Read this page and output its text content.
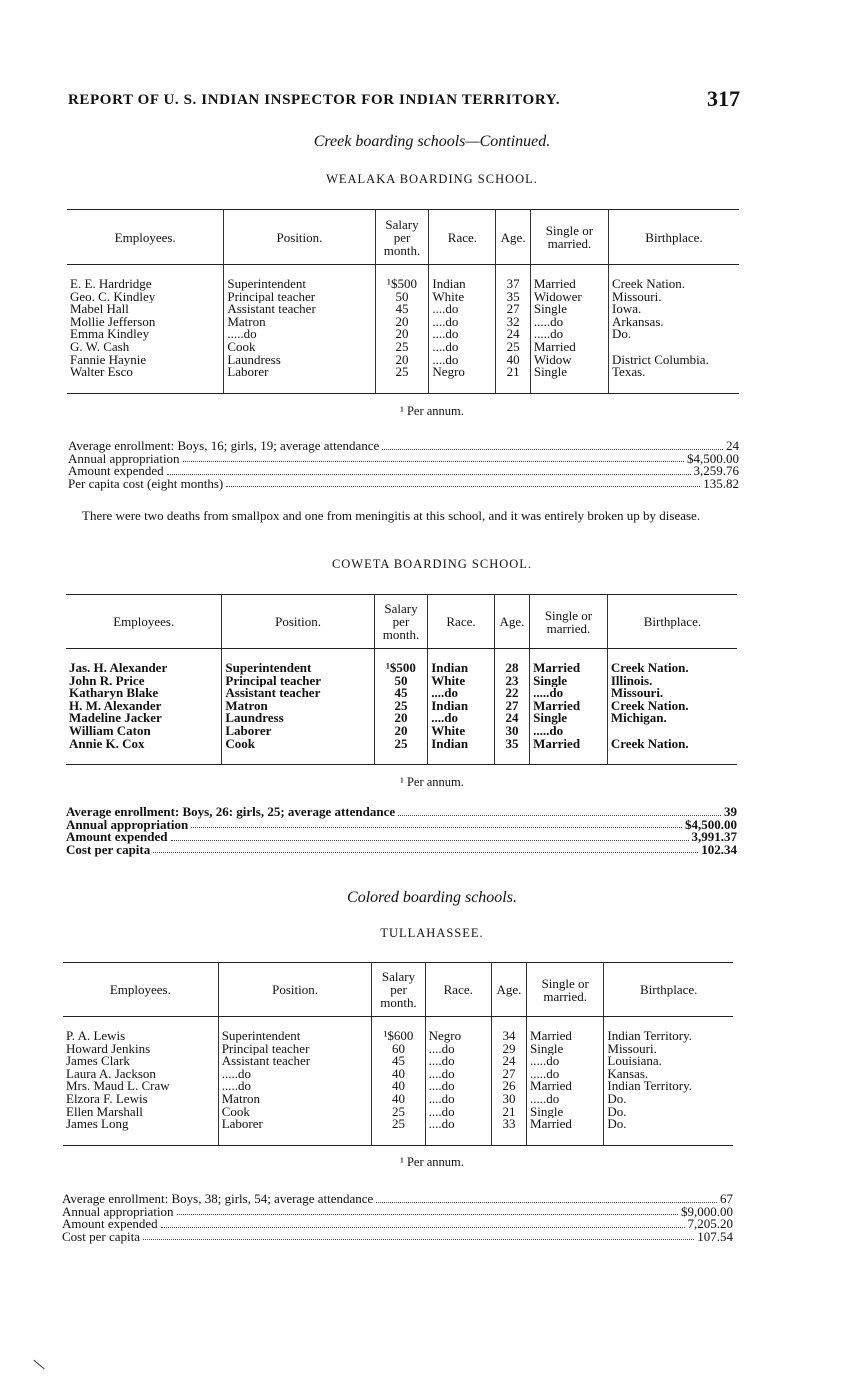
REPORT OF U. S. INDIAN INSPECTOR FOR INDIAN TERRITORY.	317
Creek boarding schools—Continued.
WEALAKA BOARDING SCHOOL.
Employees.	Position.	Salary per month.	Race.	Age.	Single or married.	Birthplace.
E. E. Hardridge	Superintendent	¹$500	Indian	37	Married	Creek Nation.
Geo. C. Kindley	Principal teacher	50	White	35	Widower	Missouri.
Mabel Hall	Assistant teacher	45	....do	27	Single	Iowa.
Mollie Jefferson	Matron	20	....do	32	.....do	Arkansas.
Emma Kindley	.....do	20	....do	24	.....do	Do.
G. W. Cash	Cook	25	....do	25	Married	
Fannie Haynie	Laundress	20	....do	40	Widow	District Columbia.
Walter Esco	Laborer	25	Negro	21	Single	Texas.
¹ Per annum.
Average enrollment: Boys, 16; girls, 19; average attendance	24
Annual appropriation	$4,500.00
Amount expended	3,259.76
Per capita cost (eight months)	135.82
There were two deaths from smallpox and one from meningitis at this school, and it was entirely broken up by disease.
COWETA BOARDING SCHOOL.
Employees.	Position.	Salary per month.	Race.	Age.	Single or married.	Birthplace.
Jas. H. Alexander	Superintendent	¹$500	Indian	28	Married	Creek Nation.
John R. Price	Principal teacher	50	White	23	Single	Illinois.
Katharyn Blake	Assistant teacher	45	....do	22	.....do	Missouri.
H. M. Alexander	Matron	25	Indian	27	Married	Creek Nation.
Madeline Jacker	Laundress	20	....do	24	Single	Michigan.
William Caton	Laborer	20	White	30	.....do	
Annie K. Cox	Cook	25	Indian	35	Married	Creek Nation.
¹ Per annum.
Average enrollment: Boys, 26: girls, 25; average attendance	39
Annual appropriation	$4,500.00
Amount expended	3,991.37
Cost per capita	102.34
Colored boarding schools.
TULLAHASSEE.
Employees.	Position.	Salary per month.	Race.	Age.	Single or married.	Birthplace.
P. A. Lewis	Superintendent	¹$600	Negro	34	Married	Indian Territory.
Howard Jenkins	Principal teacher	60	....do	29	Single	Missouri.
James Clark	Assistant teacher	45	....do	24	.....do	Louisiana.
Laura A. Jackson	.....do	40	....do	27	.....do	Kansas.
Mrs. Maud L. Craw	.....do	40	....do	26	Married	Indian Territory.
Elzora F. Lewis	Matron	40	....do	30	.....do	Do.
Ellen Marshall	Cook	25	....do	21	Single	Do.
James Long	Laborer	25	....do	33	Married	Do.
¹ Per annum.
Average enrollment: Boys, 38; girls, 54; average attendance	67
Annual appropriation	$9,000.00
Amount expended	7,205.20
Cost per capita	107.54
